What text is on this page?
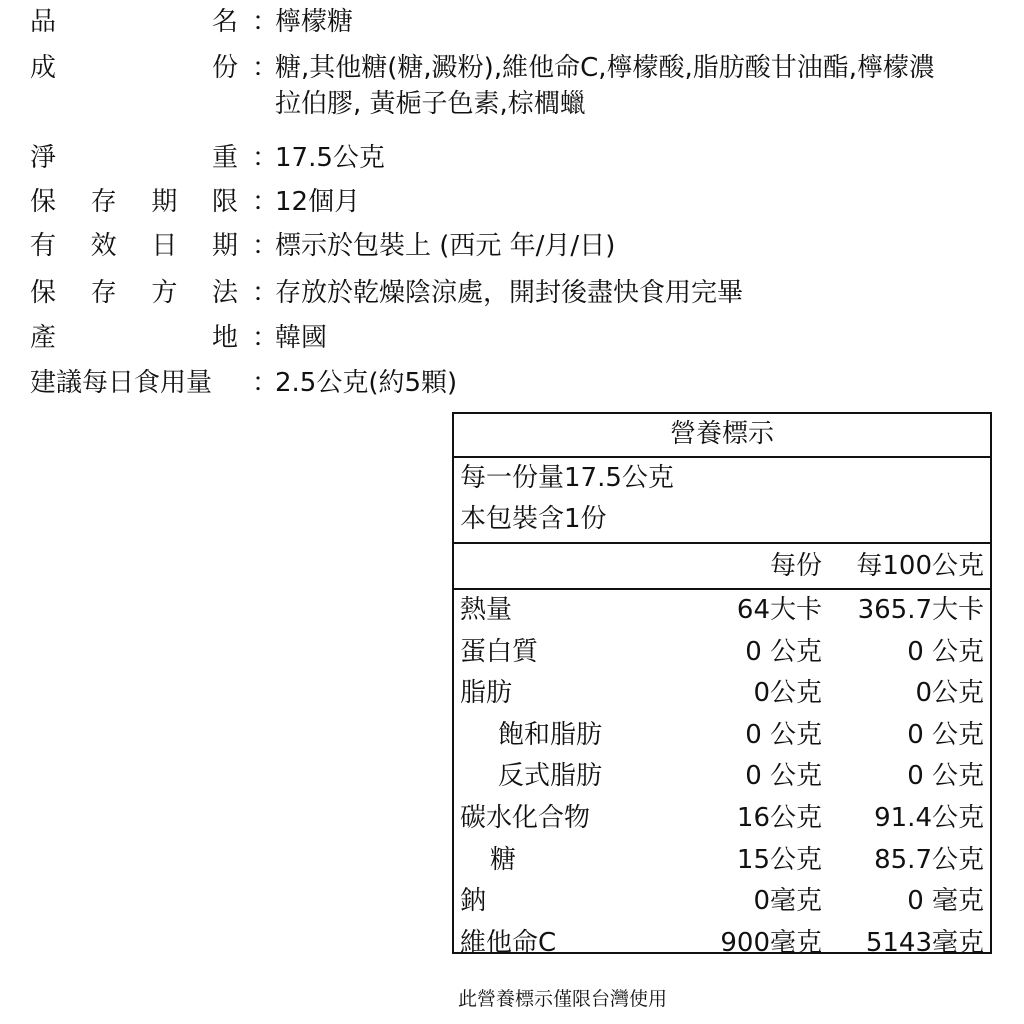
品	名 ：
檸檬糖
成	份 ：
糖,其他糖(糖,澱粉),維他命C,檸檬酸,脂肪酸甘油酯,檸檬濃
拉伯膠, 黃梔子色素,棕櫚蠟
淨	重 ：
17.5公克
保 存 期 限 ：
12個月
有 效 日 期 ：
標示於包裝上 (西元 年/月/日)
保 存 方 法 ：
存放於乾燥陰涼處，開封後盡快食用完畢
產	地 ：
韓國
建議每日食用量 ：
2.5公克(約5顆)
營養標示
每一份量17.5公克
本包裝含1份
每份 每100公克
熱量	64大卡 365.7大卡
蛋白質	0 公克	0 公克
脂肪	0公克	0公克
飽和脂肪	0 公克	0 公克
反式脂肪	0 公克	0 公克
碳水化合物	16公克 91.4公克
糖	15公克 85.7公克
鈉	0毫克	0 毫克
維他命C	900毫克 5143毫克
此營養標示僅限台灣使用
